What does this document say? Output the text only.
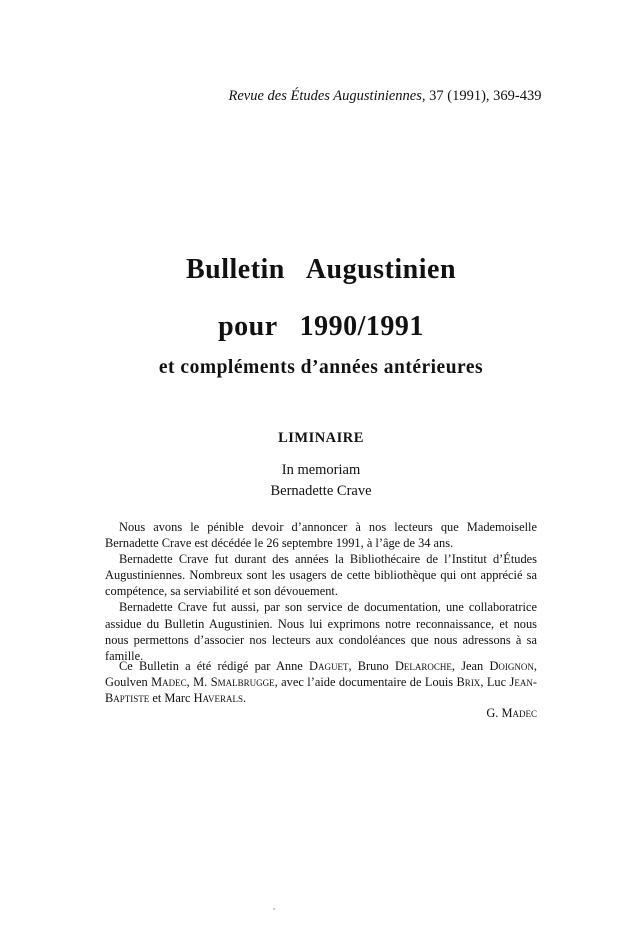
Revue des Études Augustiniennes, 37 (1991), 369-439
Bulletin   Augustinien
pour   1990/1991
et compléments d’années antérieures
LIMINAIRE
In memoriam
Bernadette Crave

Nous avons le pénible devoir d’annoncer à nos lecteurs que Mademoiselle Bernadette Crave est décédée le 26 septembre 1991, à l’âge de 34 ans.

Bernadette Crave fut durant des années la Bibliothécaire de l’Institut d’Études Augustiniennes. Nombreux sont les usagers de cette bibliothèque qui ont apprécié sa compétence, sa serviabilité et son dévouement.

Bernadette Crave fut aussi, par son service de documentation, une collaboratrice assidue du Bulletin Augustinien. Nous lui exprimons notre reconnaissance, et nous nous permettons d’associer nos lecteurs aux condoléances que nous adressons à sa famille.

Ce Bulletin a été rédigé par Anne Daguet, Bruno Delaroche, Jean Doignon, Goulven Madec, M. Smalbrugge, avec l’aide documentaire de Louis Brix, Luc Jean-Baptiste et Marc Haverals.

G. Madec
